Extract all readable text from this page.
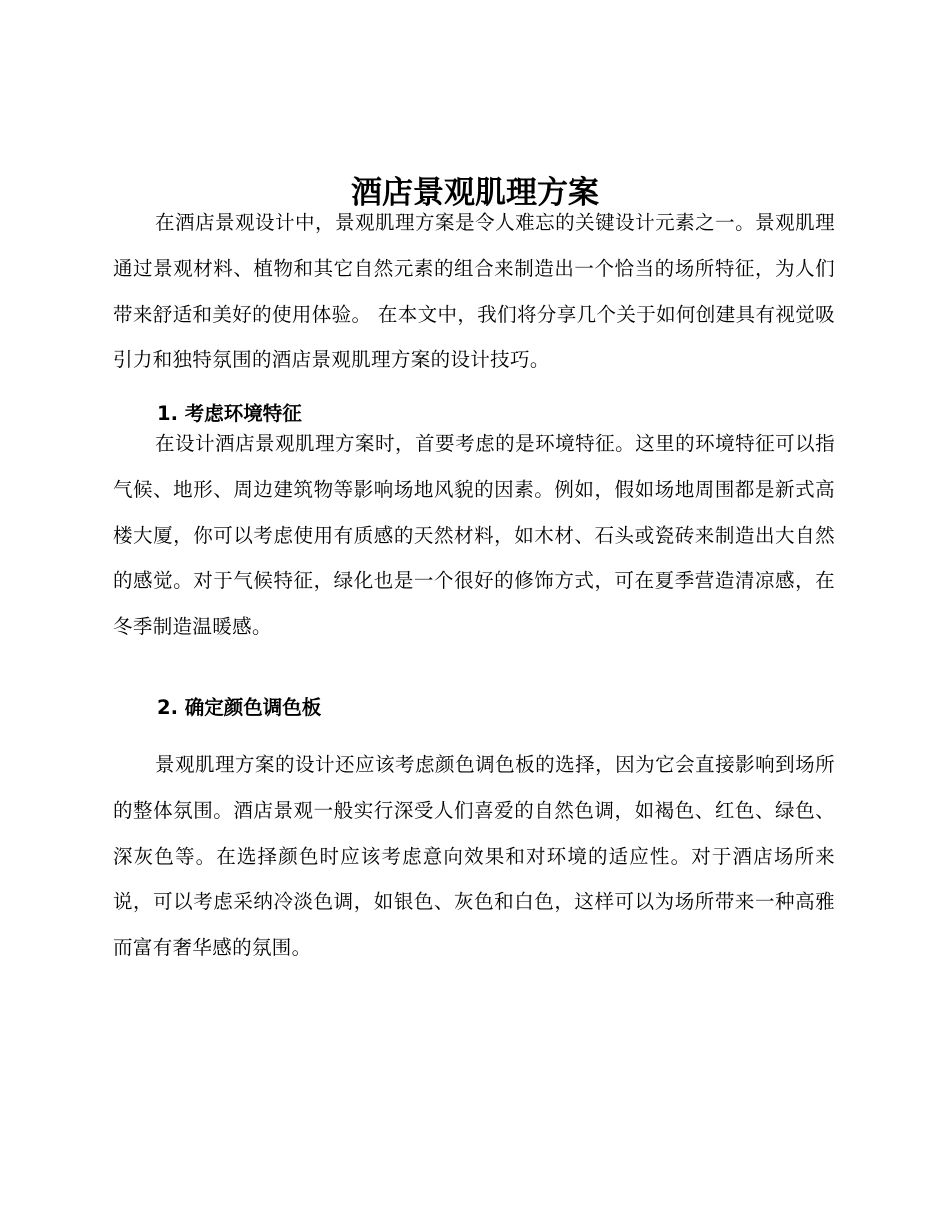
酒店景观肌理方案

在酒店景观设计中，景观肌理方案是令人难忘的关键设计元素之一。景观肌理通过景观材料、植物和其它自然元素的组合来制造出一个恰当的场所特征，为人们带来舒适和美好的使用体验。 在本文中，我们将分享几个关于如何创建具有视觉吸引力和独特氛围的酒店景观肌理方案的设计技巧。

1. 考虑环境特征

在设计酒店景观肌理方案时，首要考虑的是环境特征。这里的环境特征可以指气候、地形、周边建筑物等影响场地风貌的因素。例如，假如场地周围都是新式高楼大厦，你可以考虑使用有质感的天然材料，如木材、石头或瓷砖来制造出大自然的感觉。对于气候特征，绿化也是一个很好的修饰方式，可在夏季营造清凉感，在冬季制造温暖感。

2. 确定颜色调色板

景观肌理方案的设计还应该考虑颜色调色板的选择，因为它会直接影响到场所的整体氛围。酒店景观一般实行深受人们喜爱的自然色调，如褐色、红色、绿色、深灰色等。在选择颜色时应该考虑意向效果和对环境的适应性。对于酒店场所来说，可以考虑采纳冷淡色调，如银色、灰色和白色，这样可以为场所带来一种高雅而富有奢华感的氛围。
